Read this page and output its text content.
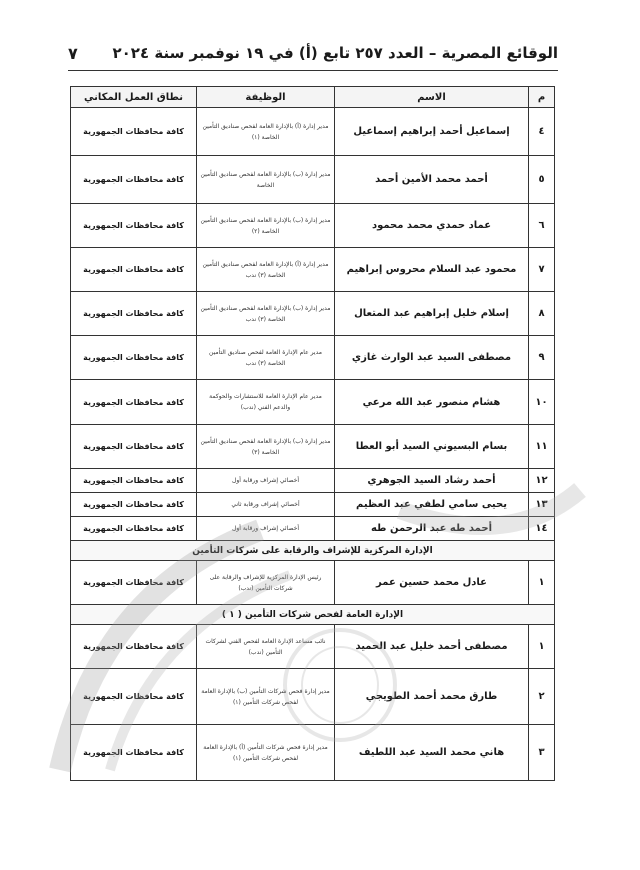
الوقائع المصرية – العدد ٢٥٧ تابع (أ) في ١٩ نوفمبر سنة ٢٠٢٤
٧
م	الاسم	الوظيفة	نطاق العمل المكاني
٤	إسماعيل أحمد إبراهيم إسماعيل	مدير إدارة (أ) بالإدارة العامة لفحص صناديق التأمين الخاصة (١)	كافة محافظات الجمهورية
٥	أحمد محمد الأمين أحمد	مدير إدارة (ب) بالإدارة العامة لفحص صناديق التأمين الخاصة	كافة محافظات الجمهورية
٦	عماد حمدي محمد محمود	مدير إدارة (ب) بالإدارة العامة لفحص صناديق التأمين الخاصة (٢)	كافة محافظات الجمهورية
٧	محمود عبد السلام محروس إبراهيم	مدير إدارة (أ) بالإدارة العامة لفحص صناديق التأمين الخاصة (٣) ندب	كافة محافظات الجمهورية
٨	إسلام خليل إبراهيم عبد المتعال	مدير إدارة (ب) بالإدارة العامة لفحص صناديق التأمين الخاصة (٣) ندب	كافة محافظات الجمهورية
٩	مصطفى السيد عبد الوارث غازي	مدير عام الإدارة العامة لفحص صناديق التأمين الخاصة (٣) ندب	كافة محافظات الجمهورية
١٠	هشام منصور عبد الله مرعي	مدير عام الإدارة العامة للاستشارات والحوكمة والدعم الفني (ندب)	كافة محافظات الجمهورية
١١	بسام البسيوني السيد أبو العطا	مدير إدارة (ب) بالإدارة العامة لفحص صناديق التأمين الخاصة (٣)	كافة محافظات الجمهورية
١٢	أحمد رشاد السيد الجوهري	أخصائي إشراف ورقابة أول	كافة محافظات الجمهورية
١٣	يحيى سامي لطفي عبد العظيم	أخصائي إشراف ورقابة ثاني	كافة محافظات الجمهورية
١٤	أحمد طه عبد الرحمن طه	أخصائي إشراف ورقابة أول	كافة محافظات الجمهورية
الإدارة المركزية للإشراف والرقابة على شركات التأمين			
١	عادل محمد حسين عمر	رئيس الإدارة المركزية للإشراف والرقابة على شركات التأمين (ندب)	كافة محافظات الجمهورية
الإدارة العامة لفحص شركات التأمين ( ١ )			
١	مصطفى أحمد خليل عبد الحميد	نائب مساعد الإدارة العامة لفحص الفني لشركات التأمين (ندب)	كافة محافظات الجمهورية
٢	طارق محمد أحمد الطويجي	مدير إدارة فحص شركات التأمين (ب) بالإدارة العامة لفحص شركات التأمين (١)	كافة محافظات الجمهورية
٣	هاني محمد السيد عبد اللطيف	مدير إدارة فحص شركات التأمين (أ) بالإدارة العامة لفحص شركات التأمين (١)	كافة محافظات الجمهورية
